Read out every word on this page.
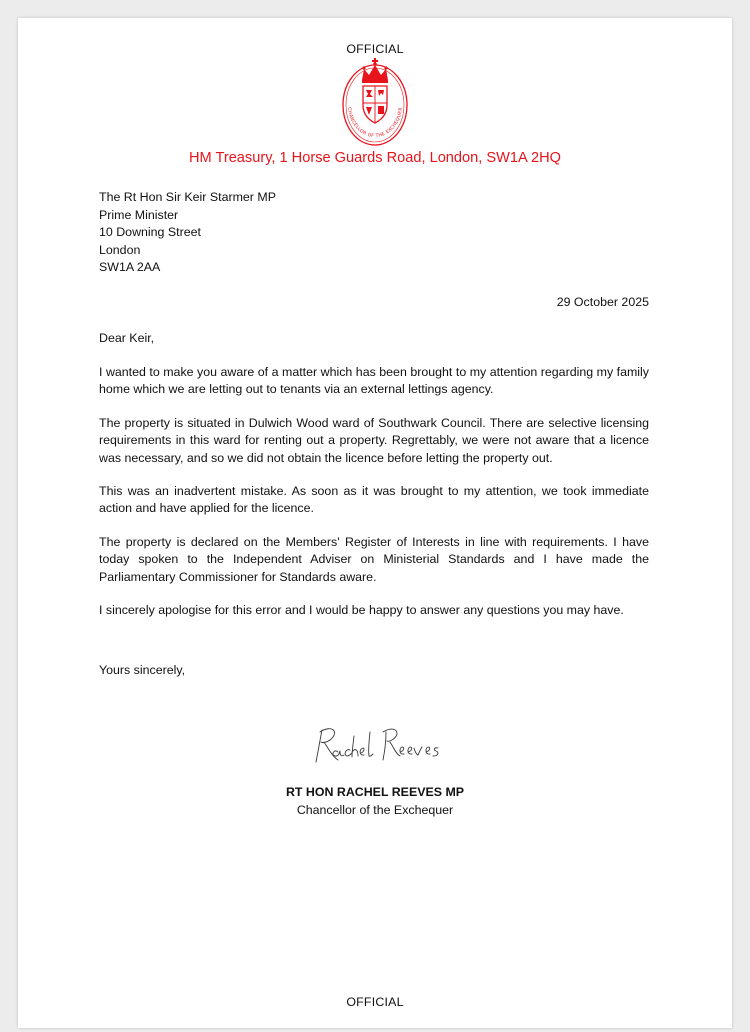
OFFICIAL
CHANCELLOR OF THE EXCHEQUER
HM Treasury, 1 Horse Guards Road, London, SW1A 2HQ
The Rt Hon Sir Keir Starmer MP
Prime Minister
10 Downing Street
London
SW1A 2AA
29 October 2025
Dear Keir,

I wanted to make you aware of a matter which has been brought to my attention regarding my family home which we are letting out to tenants via an external lettings agency.

The property is situated in Dulwich Wood ward of Southwark Council. There are selective licensing requirements in this ward for renting out a property. Regrettably, we were not aware that a licence was necessary, and so we did not obtain the licence before letting the property out.

This was an inadvertent mistake. As soon as it was brought to my attention, we took immediate action and have applied for the licence.

The property is declared on the Members' Register of Interests in line with requirements. I have today spoken to the Independent Adviser on Ministerial Standards and I have made the Parliamentary Commissioner for Standards aware.

I sincerely apologise for this error and I would be happy to answer any questions you may have.

Yours sincerely,
RT HON RACHEL REEVES MP
Chancellor of the Exchequer
OFFICIAL
